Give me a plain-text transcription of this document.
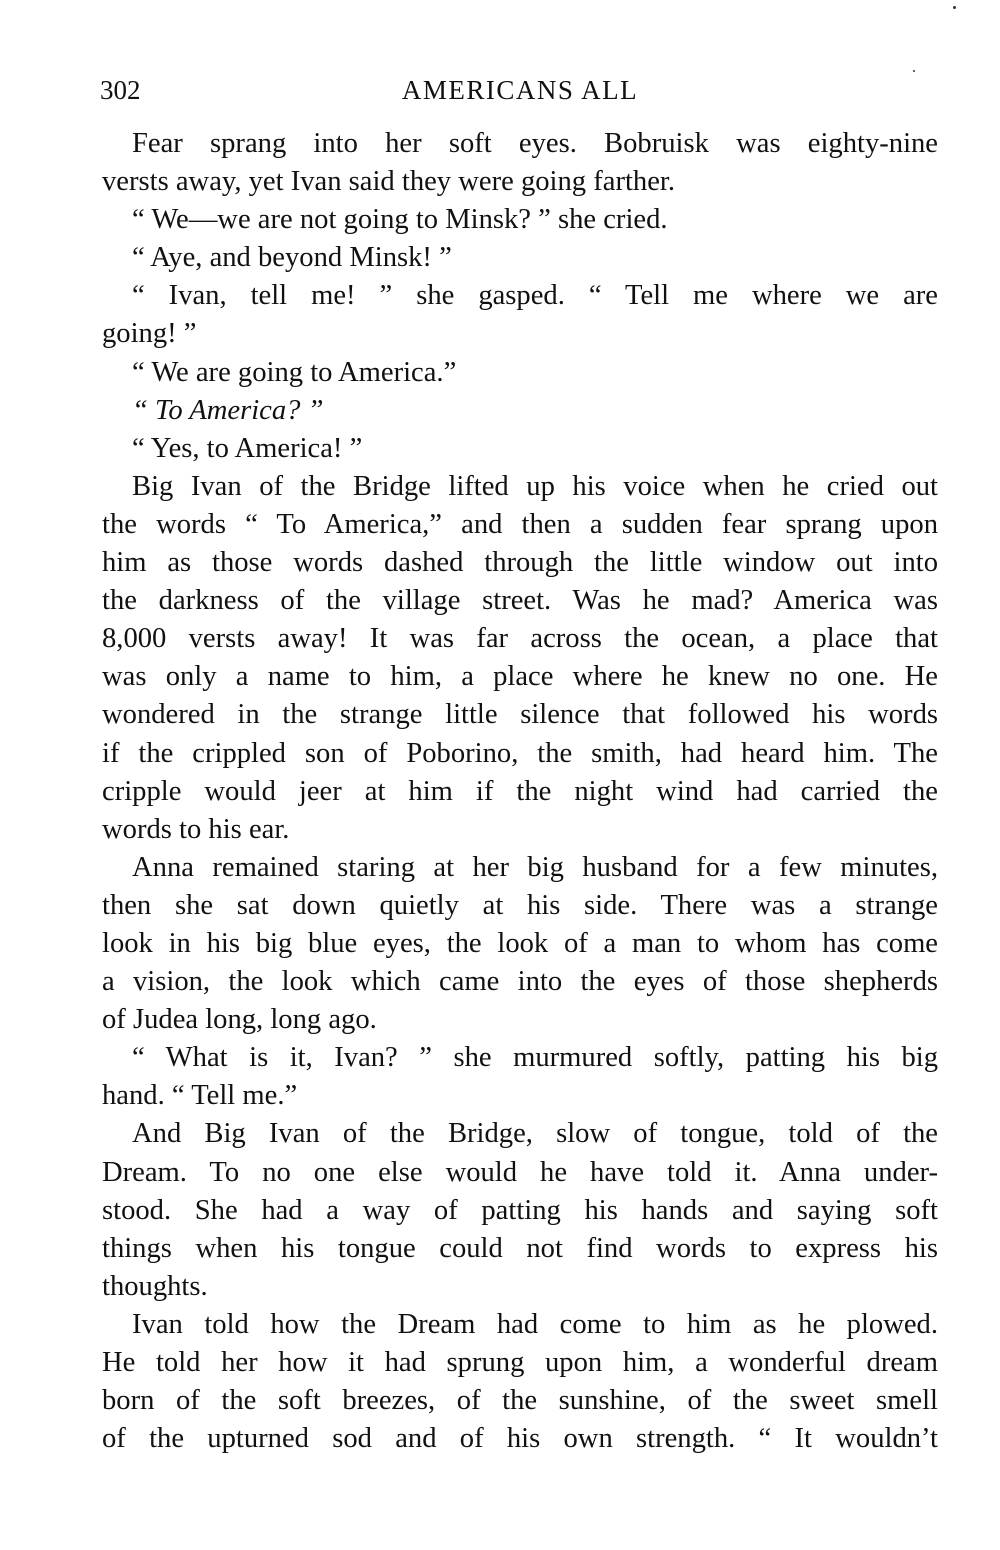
302	AMERICANS ALL
Fear sprang into her soft eyes. Bobruisk was eighty-nine
versts away, yet Ivan said they were going farther.
“ We—we are not going to Minsk? ” she cried.
“ Aye, and beyond Minsk! ”
“ Ivan, tell me! ” she gasped. “ Tell me where we are
going! ”
“ We are going to America.”
“ To America? ”
“ Yes, to America! ”
Big Ivan of the Bridge lifted up his voice when he cried out
the words “ To America,” and then a sudden fear sprang upon
him as those words dashed through the little window out into
the darkness of the village street. Was he mad? America was
8,000 versts away! It was far across the ocean, a place that
was only a name to him, a place where he knew no one. He
wondered in the strange little silence that followed his words
if the crippled son of Poborino, the smith, had heard him. The
cripple would jeer at him if the night wind had carried the
words to his ear.
Anna remained staring at her big husband for a few minutes,
then she sat down quietly at his side. There was a strange
look in his big blue eyes, the look of a man to whom has come
a vision, the look which came into the eyes of those shepherds
of Judea long, long ago.
“ What is it, Ivan? ” she murmured softly, patting his big
hand. “ Tell me.”
And Big Ivan of the Bridge, slow of tongue, told of the
Dream. To no one else would he have told it. Anna under-
stood. She had a way of patting his hands and saying soft
things when his tongue could not find words to express his
thoughts.
Ivan told how the Dream had come to him as he plowed.
He told her how it had sprung upon him, a wonderful dream
born of the soft breezes, of the sunshine, of the sweet smell
of the upturned sod and of his own strength. “ It wouldn’t
